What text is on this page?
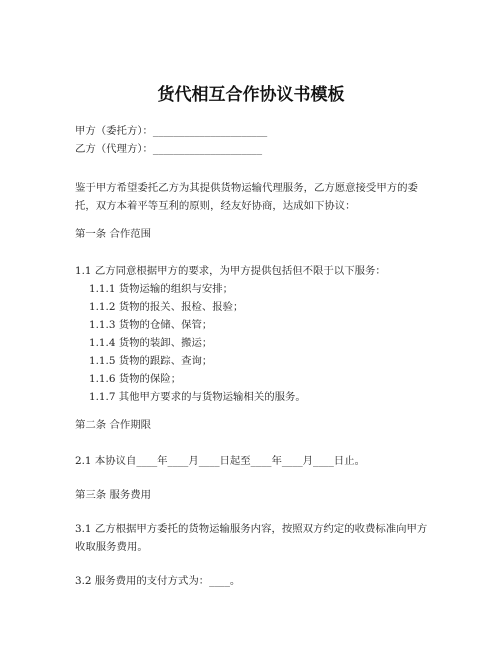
货代相互合作协议书模板
甲方（委托方）：______________________
乙方（代理方）：_____________________
鉴于甲方希望委托乙方为其提供货物运输代理服务，乙方愿意接受甲方的委托，双方本着平等互利的原则，经友好协商，达成如下协议：
第一条 合作范围
1.1 乙方同意根据甲方的要求，为甲方提供包括但不限于以下服务：
1.1.1 货物运输的组织与安排；
1.1.2 货物的报关、报检、报验；
1.1.3 货物的仓储、保管；
1.1.4 货物的装卸、搬运；
1.1.5 货物的跟踪、查询；
1.1.6 货物的保险；
1.1.7 其他甲方要求的与货物运输相关的服务。
第二条 合作期限
2.1 本协议自____年____月____日起至____年____月____日止。
第三条 服务费用
3.1 乙方根据甲方委托的货物运输服务内容，按照双方约定的收费标准向甲方收取服务费用。
3.2 服务费用的支付方式为：____。
